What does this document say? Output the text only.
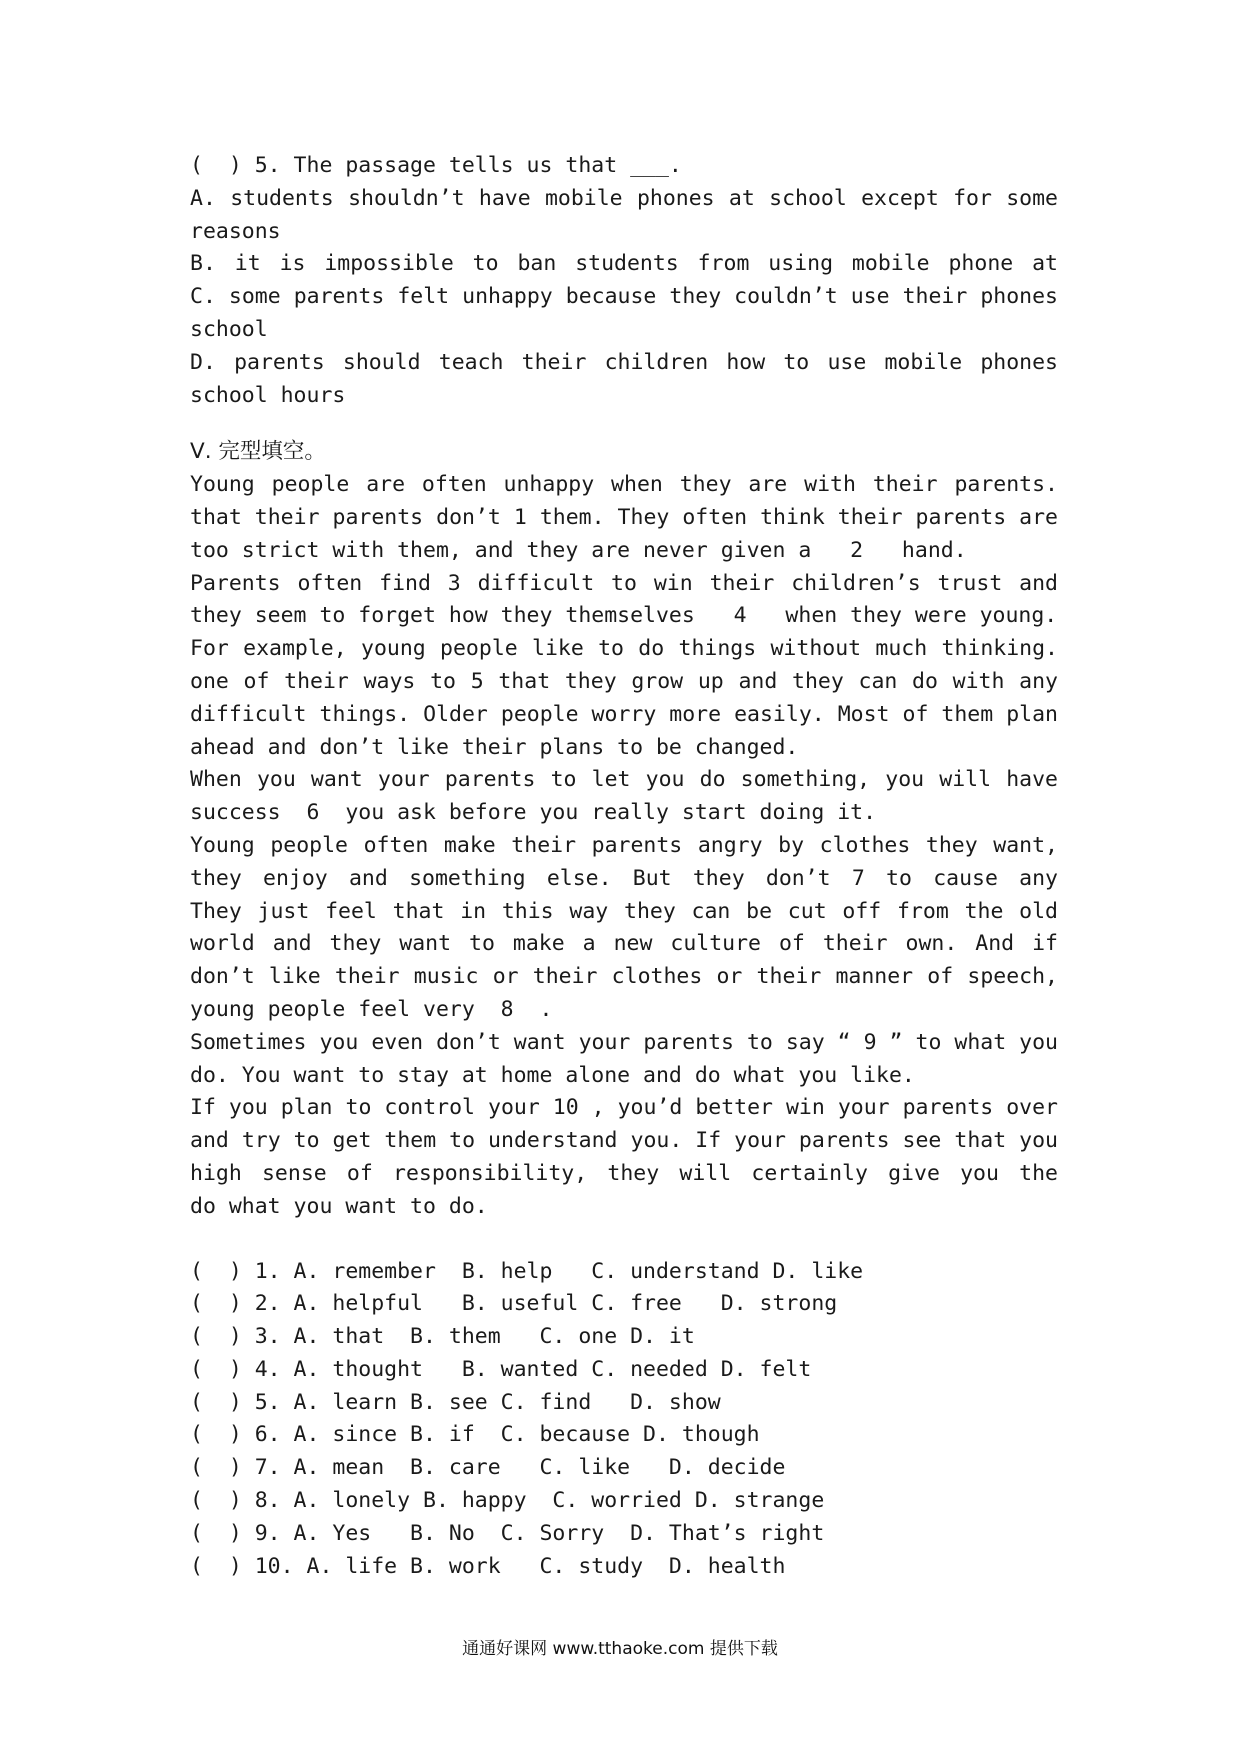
(  ) 5. The passage tells us that ___.
A. students shouldn’t have mobile phones at school except for some
reasons
B. it is impossible to ban students from using mobile phone at
C. some parents felt unhappy because they couldn’t use their phones
school
D. parents should teach their children how to use mobile phones
school hours
Ⅴ. 完型填空。
Young people are often unhappy when they are with their parents.
that their parents don’t 1 them. They often think their parents are
too strict with them, and they are never given a   2   hand.
Parents often find 3 difficult to win their children’s trust and
they seem to forget how they themselves   4   when they were young.
For example, young people like to do things without much thinking.
one of their ways to 5 that they grow up and they can do with any
difficult things. Older people worry more easily. Most of them plan
ahead and don’t like their plans to be changed.
When you want your parents to let you do something, you will have
success  6  you ask before you really start doing it.
Young people often make their parents angry by clothes they want,
they enjoy and something else. But they don’t 7 to cause any
They just feel that in this way they can be cut off from the old
world and they want to make a new culture of their own. And if
don’t like their music or their clothes or their manner of speech,
young people feel very  8  .
Sometimes you even don’t want your parents to say “ 9 ” to what you
do. You want to stay at home alone and do what you like.
If you plan to control your 10 , you’d better win your parents over
and try to get them to understand you. If your parents see that you
high sense of responsibility, they will certainly give you the
do what you want to do.
(  ) 1. A. remember  B. help   C. understand D. like
(  ) 2. A. helpful   B. useful C. free   D. strong
(  ) 3. A. that  B. them   C. one D. it
(  ) 4. A. thought   B. wanted C. needed D. felt
(  ) 5. A. learn B. see C. find   D. show
(  ) 6. A. since B. if  C. because D. though
(  ) 7. A. mean  B. care   C. like   D. decide
(  ) 8. A. lonely B. happy  C. worried D. strange
(  ) 9. A. Yes   B. No  C. Sorry  D. That’s right
(  ) 10. A. life B. work   C. study  D. health
通通好课网 www.tthaoke.com 提供下载
